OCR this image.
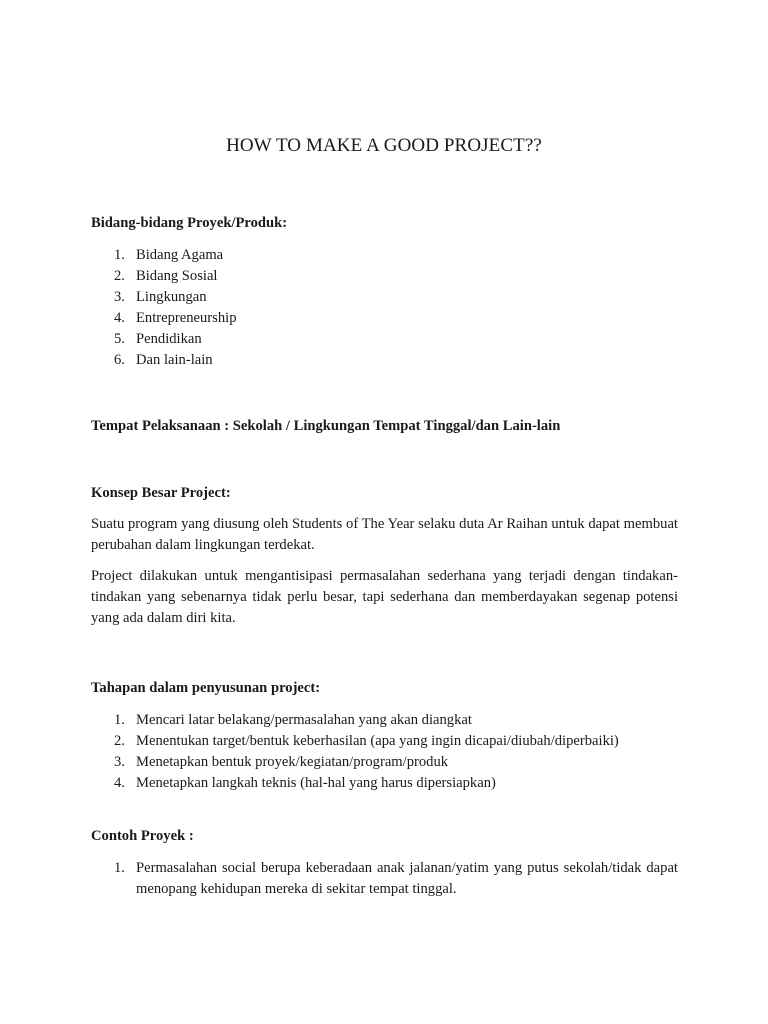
HOW TO MAKE A GOOD PROJECT??

Bidang-bidang Proyek/Produk:

1. Bidang Agama
2. Bidang Sosial
3. Lingkungan
4. Entrepreneurship
5. Pendidikan
6. Dan lain-lain

Tempat Pelaksanaan : Sekolah / Lingkungan Tempat Tinggal/dan Lain-lain

Konsep Besar Project:

Suatu program yang diusung oleh Students of The Year selaku duta Ar Raihan untuk dapat membuat perubahan dalam lingkungan terdekat.

Project dilakukan untuk mengantisipasi permasalahan sederhana yang terjadi dengan tindakan-tindakan yang sebenarnya tidak perlu besar, tapi sederhana dan memberdayakan segenap potensi yang ada dalam diri kita.

Tahapan dalam penyusunan project:

1. Mencari latar belakang/permasalahan yang akan diangkat
2. Menentukan target/bentuk keberhasilan (apa yang ingin dicapai/diubah/diperbaiki)
3. Menetapkan bentuk proyek/kegiatan/program/produk
4. Menetapkan langkah teknis (hal-hal yang harus dipersiapkan)

Contoh Proyek :

1. Permasalahan social berupa keberadaan anak jalanan/yatim yang putus sekolah/tidak dapat menopang kehidupan mereka di sekitar tempat tinggal.
